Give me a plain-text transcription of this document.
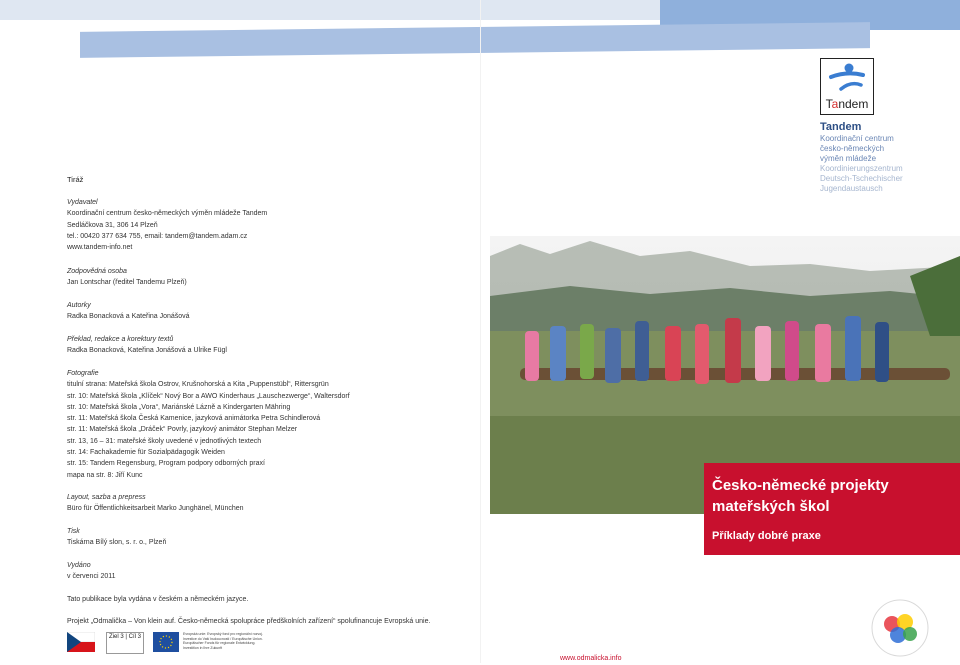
Tiráž
Vydavatel
Koordinační centrum česko-německých výměn mládeže Tandem
Sedláčkova 31, 306 14 Plzeň
tel.: 00420 377 634 755, email: tandem@tandem.adam.cz
www.tandem-info.net
Zodpovědná osoba
Jan Lontschar (ředitel Tandemu Plzeň)
Autorky
Radka Bonacková a Kateřina Jonášová
Překlad, redakce a korektury textů
Radka Bonacková, Kateřina Jonášová a Ulrike Fügl
Fotografie
titulní strana: Mateřská škola Ostrov, Krušnohorská a Kita „Puppenstübl“, Rittersgrün
str. 10: Mateřská škola „Klíček“ Nový Bor a AWO Kinderhaus „Lauschezwerge“, Waltersdorf
str. 10: Mateřská škola „Vora“, Mariánské Lázně a Kindergarten Mähring
str. 11: Mateřská škola Česká Kamenice, jazyková animátorka Petra Schindlerová
str. 11: Mateřská škola „Dráček“ Povrly, jazykový animátor Stephan Melzer
str. 13, 16 – 31: mateřské školy uvedené v jednotlivých textech
str. 14: Fachakademie für Sozialpädagogik Weiden
str. 15: Tandem Regensburg, Program podpory odborných praxí
mapa na str. 8: Jiří Kunc
Layout, sazba a prepress
Büro für Öffentlichkeitsarbeit Marko Junghänel, München
Tisk
Tiskárna Bílý slon, s. r. o., Plzeň
Vydáno
v červenci 2011
Tato publikace byla vydána v českém a německém jazyce.
Projekt „Odmalička – Von klein auf. Česko-německá spolupráce předškolních zařízení“ spolufinancuje Evropská unie.
Ziel 3 | Cíl 3	Evropská unie: Evropský fond pro regionální rozvoj. Investice do Vaší budoucnosti / Europäische Union. Europäischer Fonds für regionale Entwicklung. Investition in Ihre Zukunft
Tandem
Tandem
Koordinační centrum
česko-německých
výměn mládeže
Koordinierungszentrum
Deutsch-Tschechischer
Jugendaustausch
Česko-německé projekty
mateřských škol
Příklady dobré praxe
www.odmalicka.info
